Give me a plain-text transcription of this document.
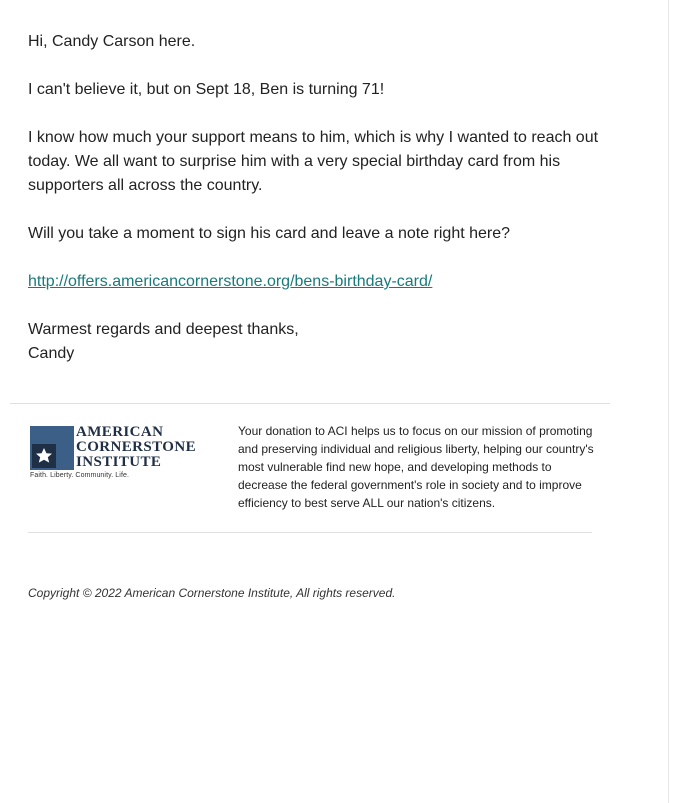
Hi, Candy Carson here.

I can't believe it, but on Sept 18, Ben is turning 71!

I know how much your support means to him, which is why I wanted to reach out today. We all want to surprise him with a very special birthday card from his supporters all across the country.

Will you take a moment to sign his card and leave a note right here?

http://offers.americancornerstone.org/bens-birthday-card/

Warmest regards and deepest thanks,
Candy

AMERICAN
CORNERSTONE
INSTITUTE
Faith. Liberty. Community. Life.
Your donation to ACI helps us to focus on our mission of promoting and preserving individual and religious liberty, helping our country's most vulnerable find new hope, and developing methods to decrease the federal government's role in society and to improve efficiency to best serve ALL our nation's citizens.
Copyright © 2022 American Cornerstone Institute, All rights reserved.
